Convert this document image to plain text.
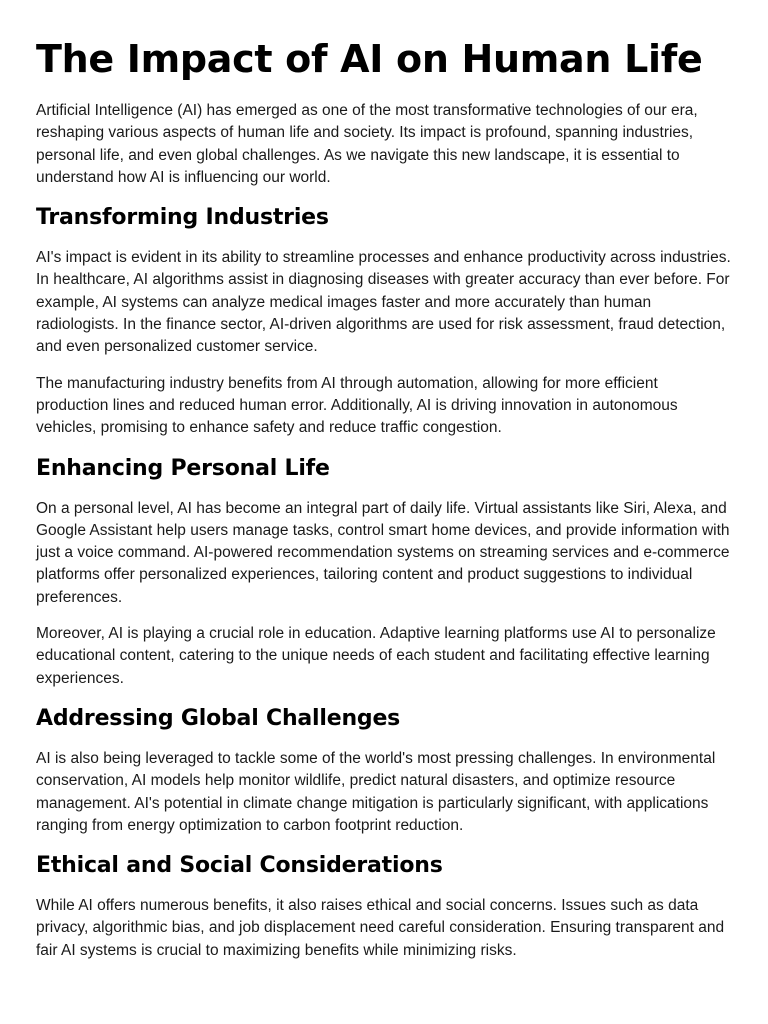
The Impact of AI on Human Life

Artificial Intelligence (AI) has emerged as one of the most transformative technologies of our era, reshaping various aspects of human life and society. Its impact is profound, spanning industries, personal life, and even global challenges. As we navigate this new landscape, it is essential to understand how AI is influencing our world.

Transforming Industries

AI's impact is evident in its ability to streamline processes and enhance productivity across industries. In healthcare, AI algorithms assist in diagnosing diseases with greater accuracy than ever before. For example, AI systems can analyze medical images faster and more accurately than human radiologists. In the finance sector, AI-driven algorithms are used for risk assessment, fraud detection, and even personalized customer service.

The manufacturing industry benefits from AI through automation, allowing for more efficient production lines and reduced human error. Additionally, AI is driving innovation in autonomous vehicles, promising to enhance safety and reduce traffic congestion.

Enhancing Personal Life

On a personal level, AI has become an integral part of daily life. Virtual assistants like Siri, Alexa, and Google Assistant help users manage tasks, control smart home devices, and provide information with just a voice command. AI-powered recommendation systems on streaming services and e-commerce platforms offer personalized experiences, tailoring content and product suggestions to individual preferences.

Moreover, AI is playing a crucial role in education. Adaptive learning platforms use AI to personalize educational content, catering to the unique needs of each student and facilitating effective learning experiences.

Addressing Global Challenges

AI is also being leveraged to tackle some of the world's most pressing challenges. In environmental conservation, AI models help monitor wildlife, predict natural disasters, and optimize resource management. AI's potential in climate change mitigation is particularly significant, with applications ranging from energy optimization to carbon footprint reduction.

Ethical and Social Considerations

While AI offers numerous benefits, it also raises ethical and social concerns. Issues such as data privacy, algorithmic bias, and job displacement need careful consideration. Ensuring transparent and fair AI systems is crucial to maximizing benefits while minimizing risks.
